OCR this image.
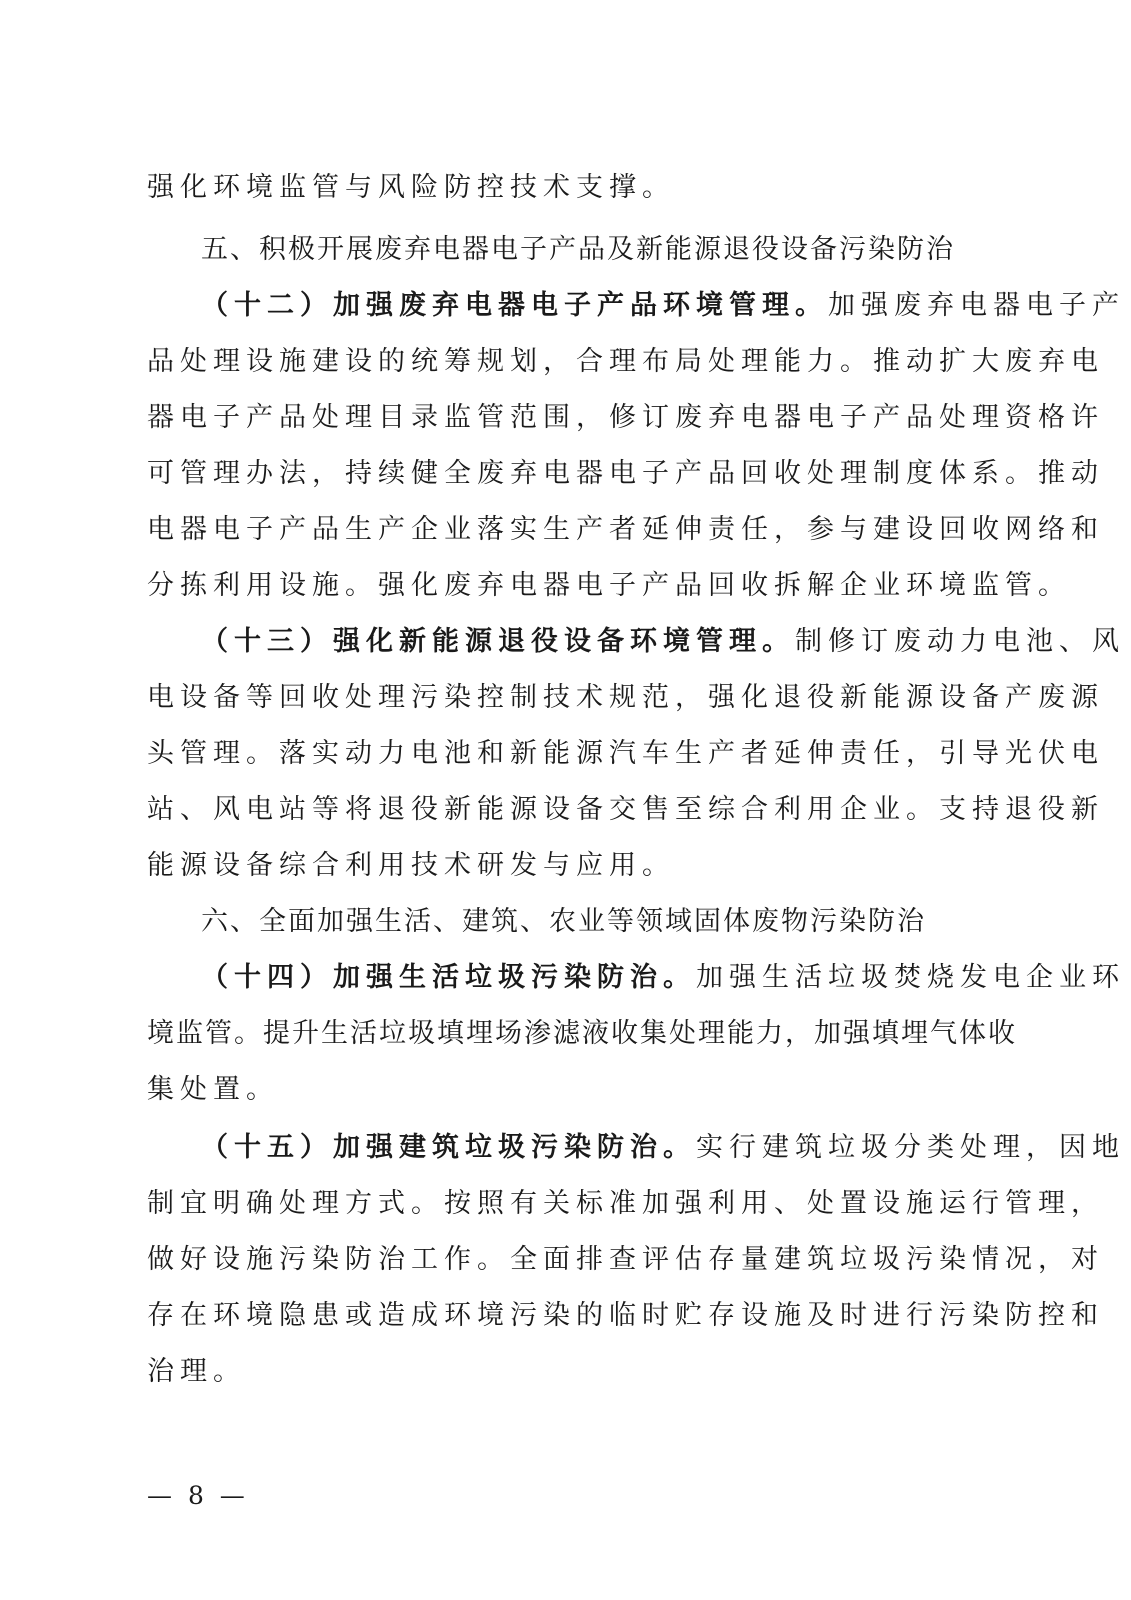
强化环境监管与风险防控技术支撑。
五、积极开展废弃电器电子产品及新能源退役设备污染防治
（十二）加强废弃电器电子产品环境管理。加强废弃电器电子产
品处理设施建设的统筹规划，合理布局处理能力。推动扩大废弃电
器电子产品处理目录监管范围，修订废弃电器电子产品处理资格许
可管理办法，持续健全废弃电器电子产品回收处理制度体系。推动
电器电子产品生产企业落实生产者延伸责任，参与建设回收网络和
分拣利用设施。强化废弃电器电子产品回收拆解企业环境监管。
（十三）强化新能源退役设备环境管理。制修订废动力电池、风
电设备等回收处理污染控制技术规范，强化退役新能源设备产废源
头管理。落实动力电池和新能源汽车生产者延伸责任，引导光伏电
站、风电站等将退役新能源设备交售至综合利用企业。支持退役新
能源设备综合利用技术研发与应用。
六、全面加强生活、建筑、农业等领域固体废物污染防治
（十四）加强生活垃圾污染防治。加强生活垃圾焚烧发电企业环
境监管。提升生活垃圾填埋场渗滤液收集处理能力，加强填埋气体收
集处置。
（十五）加强建筑垃圾污染防治。实行建筑垃圾分类处理，因地
制宜明确处理方式。按照有关标准加强利用、处置设施运行管理，
做好设施污染防治工作。全面排查评估存量建筑垃圾污染情况，对
存在环境隐患或造成环境污染的临时贮存设施及时进行污染防控和
治理。
— 8 —
